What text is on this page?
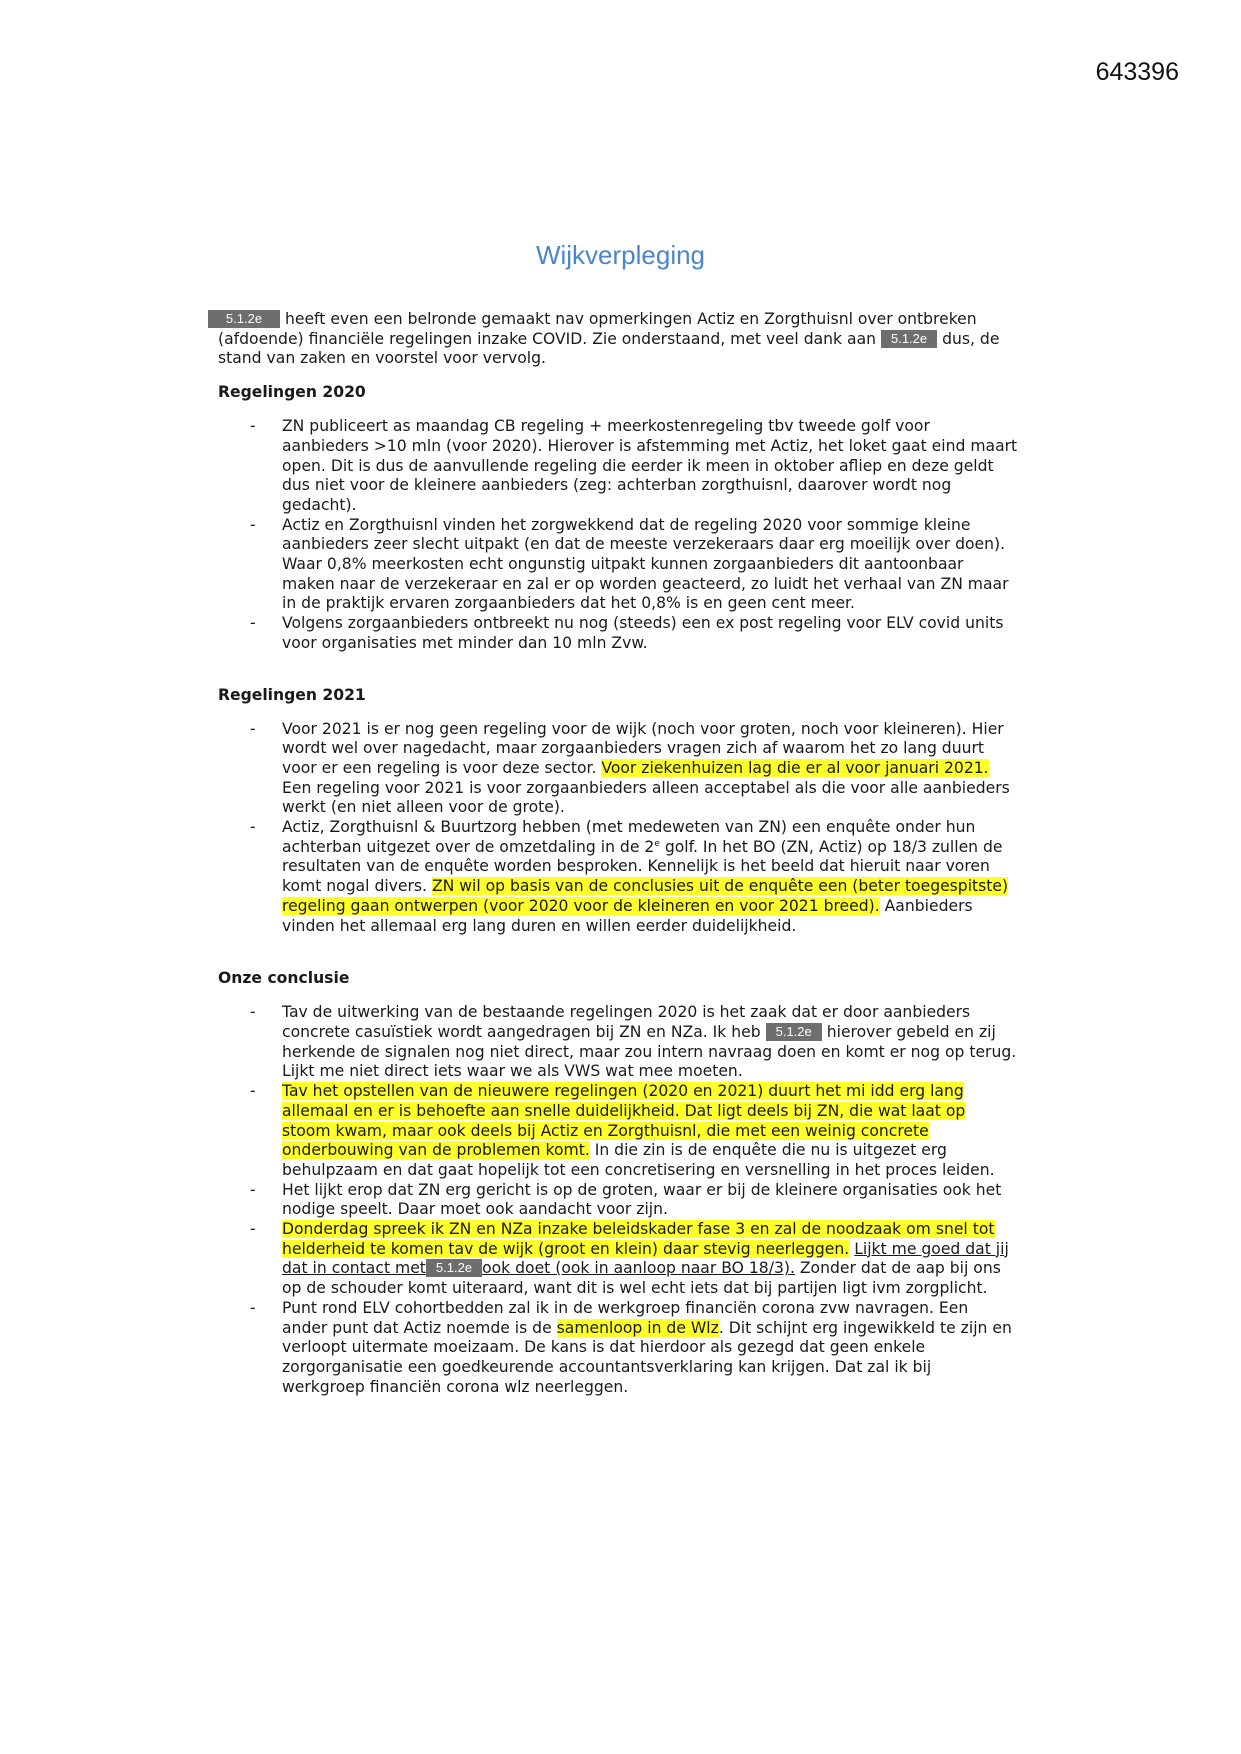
643396
Wijkverpleging

5.1.2e heeft even een belronde gemaakt nav opmerkingen Actiz en Zorgthuisnl over ontbreken (afdoende) financiële regelingen inzake COVID. Zie onderstaand, met veel dank aan 5.1.2e dus, de stand van zaken en voorstel voor vervolg.

Regelingen 2020
- ZN publiceert as maandag CB regeling + meerkostenregeling tbv tweede golf voor aanbieders >10 mln (voor 2020). Hierover is afstemming met Actiz, het loket gaat eind maart open. Dit is dus de aanvullende regeling die eerder ik meen in oktober afliep en deze geldt dus niet voor de kleinere aanbieders (zeg: achterban zorgthuisnl, daarover wordt nog gedacht).
- Actiz en Zorgthuisnl vinden het zorgwekkend dat de regeling 2020 voor sommige kleine aanbieders zeer slecht uitpakt (en dat de meeste verzekeraars daar erg moeilijk over doen). Waar 0,8% meerkosten echt ongunstig uitpakt kunnen zorgaanbieders dit aantoonbaar maken naar de verzekeraar en zal er op worden geacteerd, zo luidt het verhaal van ZN maar in de praktijk ervaren zorgaanbieders dat het 0,8% is en geen cent meer.
- Volgens zorgaanbieders ontbreekt nu nog (steeds) een ex post regeling voor ELV covid units voor organisaties met minder dan 10 mln Zvw.
Regelingen 2021
- Voor 2021 is er nog geen regeling voor de wijk (noch voor groten, noch voor kleineren). Hier wordt wel over nagedacht, maar zorgaanbieders vragen zich af waarom het zo lang duurt voor er een regeling is voor deze sector. Voor ziekenhuizen lag die er al voor januari 2021. Een regeling voor 2021 is voor zorgaanbieders alleen acceptabel als die voor alle aanbieders werkt (en niet alleen voor de grote).
- Actiz, Zorgthuisnl & Buurtzorg hebben (met medeweten van ZN) een enquête onder hun achterban uitgezet over de omzetdaling in de 2e golf. In het BO (ZN, Actiz) op 18/3 zullen de resultaten van de enquête worden besproken. Kennelijk is het beeld dat hieruit naar voren komt nogal divers. ZN wil op basis van de conclusies uit de enquête een (beter toegespitste) regeling gaan ontwerpen (voor 2020 voor de kleineren en voor 2021 breed). Aanbieders vinden het allemaal erg lang duren en willen eerder duidelijkheid.
Onze conclusie
- Tav de uitwerking van de bestaande regelingen 2020 is het zaak dat er door aanbieders concrete casuïstiek wordt aangedragen bij ZN en NZa. Ik heb 5.1.2e hierover gebeld en zij herkende de signalen nog niet direct, maar zou intern navraag doen en komt er nog op terug. Lijkt me niet direct iets waar we als VWS wat mee moeten.
- Tav het opstellen van de nieuwere regelingen (2020 en 2021) duurt het mi idd erg lang allemaal en er is behoefte aan snelle duidelijkheid. Dat ligt deels bij ZN, die wat laat op stoom kwam, maar ook deels bij Actiz en Zorgthuisnl, die met een weinig concrete onderbouwing van de problemen komt. In die zin is de enquête die nu is uitgezet erg behulpzaam en dat gaat hopelijk tot een concretisering en versnelling in het proces leiden.
- Het lijkt erop dat ZN erg gericht is op de groten, waar er bij de kleinere organisaties ook het nodige speelt. Daar moet ook aandacht voor zijn.
- Donderdag spreek ik ZN en NZa inzake beleidskader fase 3 en zal de noodzaak om snel tot helderheid te komen tav de wijk (groot en klein) daar stevig neerleggen. Lijkt me goed dat jij dat in contact met 5.1.2e ook doet (ook in aanloop naar BO 18/3). Zonder dat de aap bij ons op de schouder komt uiteraard, want dit is wel echt iets dat bij partijen ligt ivm zorgplicht.
- Punt rond ELV cohortbedden zal ik in de werkgroep financiën corona zvw navragen. Een ander punt dat Actiz noemde is de samenloop in de Wlz. Dit schijnt erg ingewikkeld te zijn en verloopt uitermate moeizaam. De kans is dat hierdoor als gezegd dat geen enkele zorgorganisatie een goedkeurende accountantsverklaring kan krijgen. Dat zal ik bij werkgroep financiën corona wlz neerleggen.
